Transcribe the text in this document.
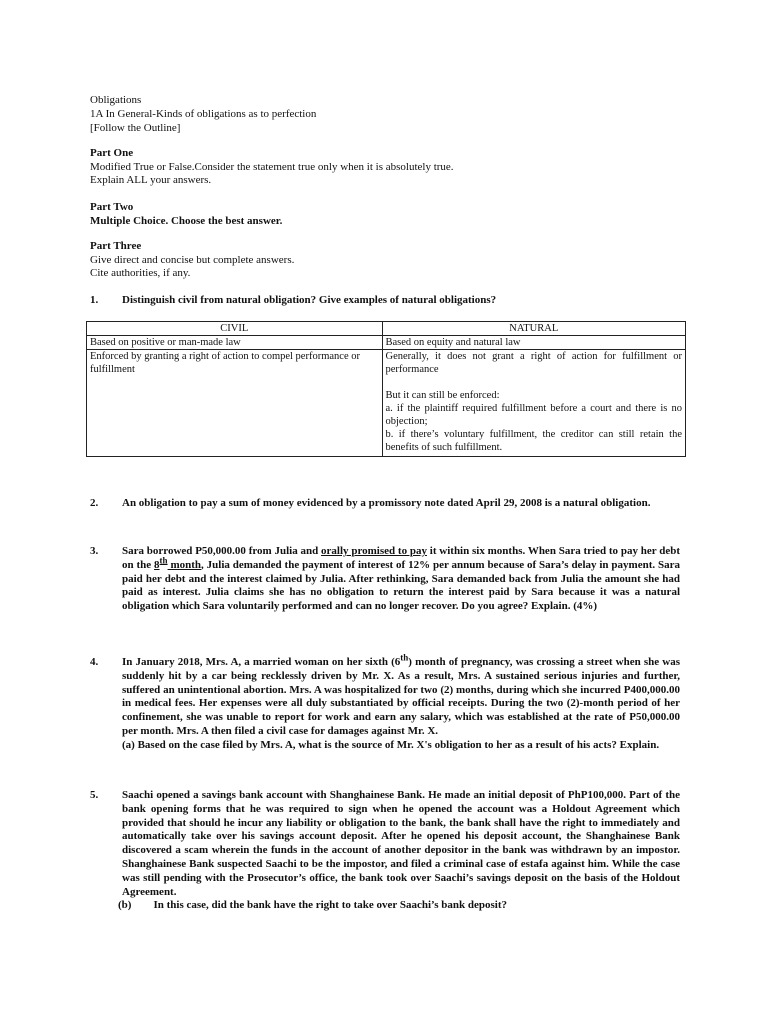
Obligations
1A In General-Kinds of obligations as to perfection
[Follow the Outline]
Part One
Modified True or False.Consider the statement true only when it is absolutely true.
Explain ALL your answers.
Part Two
Multiple Choice. Choose the best answer.
Part Three
Give direct and concise but complete answers.
Cite authorities, if any.
1. Distinguish civil from natural obligation? Give examples of natural obligations?
CIVIL	NATURAL
Based on positive or man-made law	Based on equity and natural law
Enforced by granting a right of action to compel performance or fulfillment	Generally, it does not grant a right of action for fulfillment or performance
But it can still be enforced:
a. if the plaintiff required fulfillment before a court and there is no objection;
b. if there’s voluntary fulfillment, the creditor can still retain the benefits of such fulfillment.
2. An obligation to pay a sum of money evidenced by a promissory note dated April 29, 2008 is a natural obligation.
3. Sara borrowed P50,000.00 from Julia and orally promised to pay it within six months. When Sara tried to pay her debt on the 8th month, Julia demanded the payment of interest of 12% per annum because of Sara’s delay in payment. Sara paid her debt and the interest claimed by Julia. After rethinking, Sara demanded back from Julia the amount she had paid as interest. Julia claims she has no obligation to return the interest paid by Sara because it was a natural obligation which Sara voluntarily performed and can no longer recover. Do you agree? Explain. (4%)
4. In January 2018, Mrs. A, a married woman on her sixth (6th) month of pregnancy, was crossing a street when she was suddenly hit by a car being recklessly driven by Mr. X. As a result, Mrs. A sustained serious injuries and further, suffered an unintentional abortion. Mrs. A was hospitalized for two (2) months, during which she incurred P400,000.00 in medical fees. Her expenses were all duly substantiated by official receipts. During the two (2)-month period of her confinement, she was unable to report for work and earn any salary, which was established at the rate of P50,000.00 per month. Mrs. A then filed a civil case for damages against Mr. X.
(a) Based on the case filed by Mrs. A, what is the source of Mr. X's obligation to her as a result of his acts? Explain.
5. Saachi opened a savings bank account with Shanghainese Bank. He made an initial deposit of PhP100,000. Part of the bank opening forms that he was required to sign when he opened the account was a Holdout Agreement which provided that should he incur any liability or obligation to the bank, the bank shall have the right to immediately and automatically take over his savings account deposit. After he opened his deposit account, the Shanghainese Bank discovered a scam wherein the funds in the account of another depositor in the bank was withdrawn by an impostor. Shanghainese Bank suspected Saachi to be the impostor, and filed a criminal case of estafa against him. While the case was still pending with the Prosecutor’s office, the bank took over Saachi’s savings deposit on the basis of the Holdout Agreement.
(b) In this case, did the bank have the right to take over Saachi’s bank deposit?
